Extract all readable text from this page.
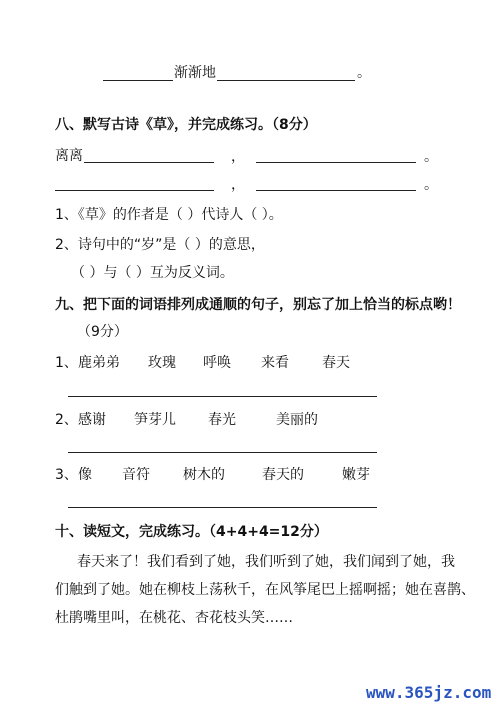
渐渐地	。
八、默写古诗《草》，并完成练习。（8分）
离离	，	。
，	。
1、《草》的作者是（ ）代诗人（ ）。
2、诗句中的“岁”是（ ）的意思，
（ ）与（ ）互为反义词。
九、把下面的词语排列成通顺的句子，别忘了加上恰当的标点哟！
（9分）
1、 鹿弟弟 玫瑰 呼唤 来看 春天
2、 感谢 笋芽儿 春光	美丽的
3、 像 音符 树木的	春天的	嫩芽
十、读短文，完成练习。（4+4+4=12分）
春天来了！我们看到了她，我们听到了她，我们闻到了她，我
们触到了她。她在柳枝上荡秋千，在风筝尾巴上摇啊摇；她在喜鹊、
杜鹃嘴里叫，在桃花、杏花枝头笑……
www.365jz.com
